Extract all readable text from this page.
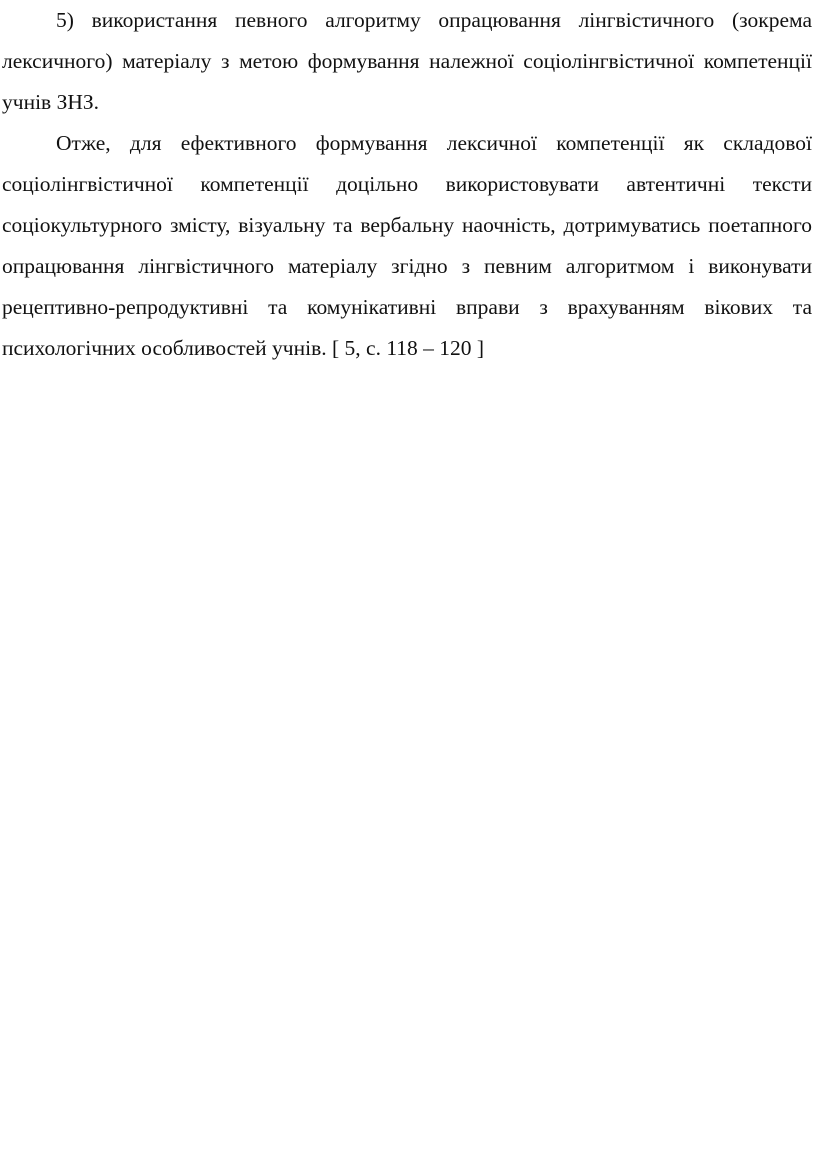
5) використання певного алгоритму опрацювання лінгвістичного (зокрема лексичного) матеріалу з метою формування належної соціолінгвістичної компетенції учнів ЗНЗ.

Отже, для ефективного формування лексичної компетенції як складової соціолінгвістичної компетенції доцільно використовувати автентичні тексти соціокультурного змісту, візуальну та вербальну наочність, дотримуватись поетапного опрацювання лінгвістичного матеріалу згідно з певним алгоритмом і виконувати рецептивно-репродуктивні та комунікативні вправи з врахуванням вікових та психологічних особливостей учнів. [ 5, с. 118 – 120 ]
